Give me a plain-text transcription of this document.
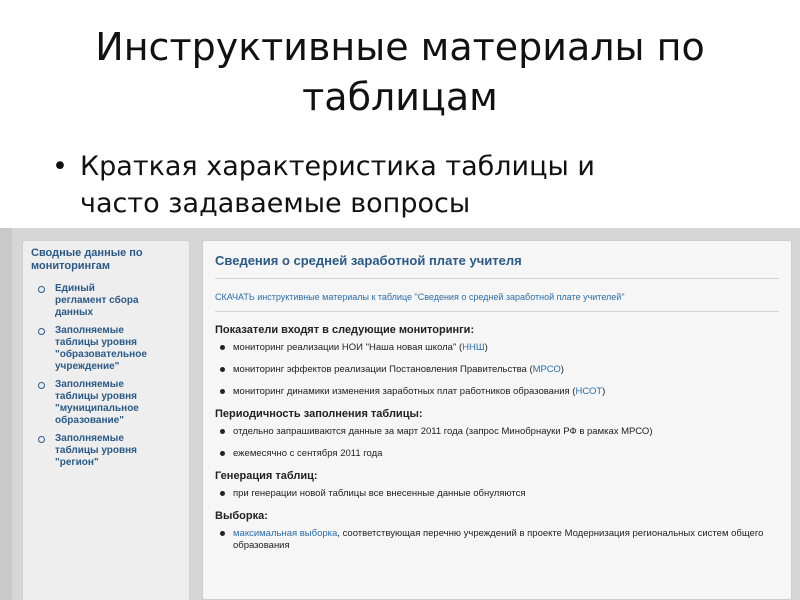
Инструктивные материалы по
таблицам
• Краткая характеристика таблицы и
часто задаваемые вопросы
Сводные данные по
мониторингам
Единый
регламент сбора
данных
Заполняемые
таблицы уровня
"образовательное
учреждение"
Заполняемые
таблицы уровня
"муниципальное
образование"
Заполняемые
таблицы уровня
"регион"
Сведения о средней заработной плате учителя
СКАЧАТЬ инструктивные материалы к таблице "Сведения о средней заработной плате учителей"
Показатели входят в следующие мониторинги:
мониторинг реализации НОИ "Наша новая школа" (ННШ)
мониторинг эффектов реализации Постановления Правительства (МРСО)
мониторинг динамики изменения заработных плат работников образования (НСОТ)
Периодичность заполнения таблицы:
отдельно запрашиваются данные за март 2011 года (запрос Минобрнауки РФ в рамках МРСО)
ежемесячно с сентября 2011 года
Генерация таблиц:
при генерации новой таблицы все внесенные данные обнуляются
Выборка:
максимальная выборка, соответствующая перечню учреждений в проекте Модернизация региональных систем общего образования
